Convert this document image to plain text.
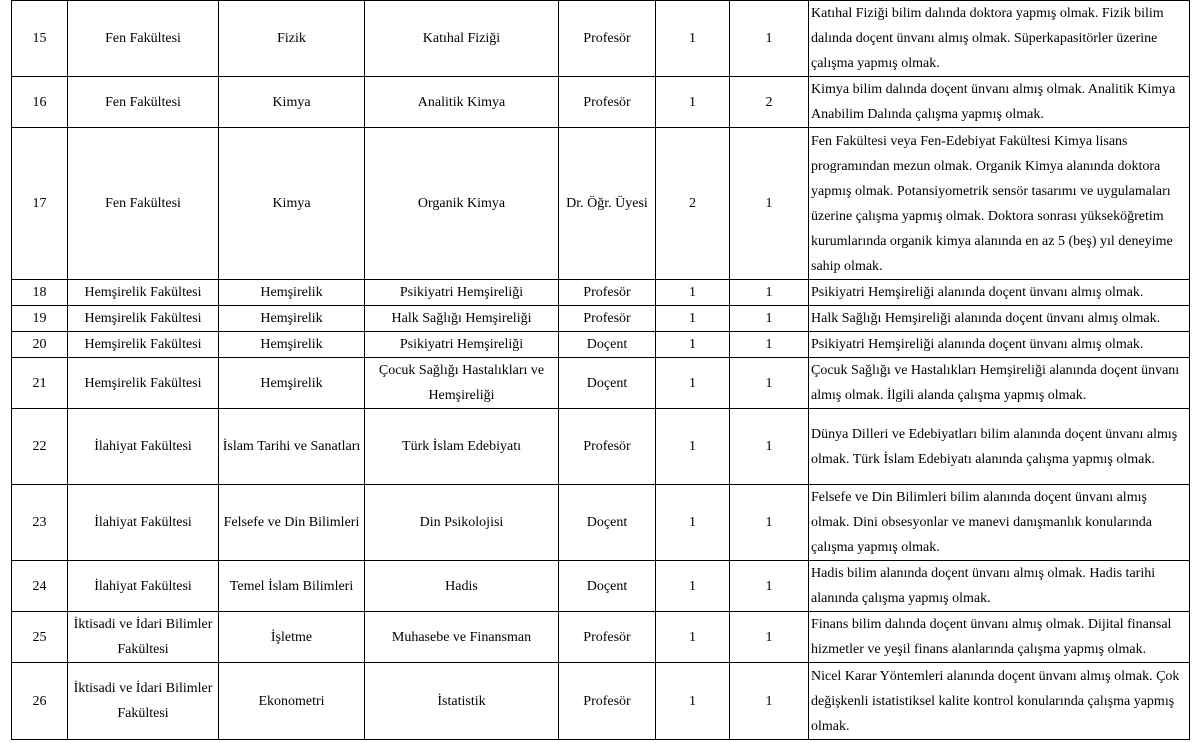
15	Fen Fakültesi	Fizik	Katıhal Fiziği	Profesör	1	1	Katıhal Fiziği bilim dalında doktora yapmış olmak. Fizik bilim dalında doçent ünvanı almış olmak. Süperkapasitörler üzerine çalışma yapmış olmak.
16	Fen Fakültesi	Kimya	Analitik Kimya	Profesör	1	2	Kimya bilim dalında doçent ünvanı almış olmak. Analitik Kimya Anabilim Dalında çalışma yapmış olmak.
17	Fen Fakültesi	Kimya	Organik Kimya	Dr. Öğr. Üyesi	2	1	Fen Fakültesi veya Fen-Edebiyat Fakültesi Kimya lisans programından mezun olmak. Organik Kimya alanında doktora yapmış olmak. Potansiyometrik sensör tasarımı ve uygulamaları üzerine çalışma yapmış olmak. Doktora sonrası yükseköğretim kurumlarında organik kimya alanında en az 5 (beş) yıl deneyime sahip olmak.
18	Hemşirelik Fakültesi	Hemşirelik	Psikiyatri Hemşireliği	Profesör	1	1	Psikiyatri Hemşireliği alanında doçent ünvanı almış olmak.
19	Hemşirelik Fakültesi	Hemşirelik	Halk Sağlığı Hemşireliği	Profesör	1	1	Halk Sağlığı Hemşireliği alanında doçent ünvanı almış olmak.
20	Hemşirelik Fakültesi	Hemşirelik	Psikiyatri Hemşireliği	Doçent	1	1	Psikiyatri Hemşireliği alanında doçent ünvanı almış olmak.
21	Hemşirelik Fakültesi	Hemşirelik	Çocuk Sağlığı Hastalıkları ve Hemşireliği	Doçent	1	1	Çocuk Sağlığı ve Hastalıkları Hemşireliği alanında doçent ünvanı almış olmak. İlgili alanda çalışma yapmış olmak.
22	İlahiyat Fakültesi	İslam Tarihi ve Sanatları	Türk İslam Edebiyatı	Profesör	1	1	Dünya Dilleri ve Edebiyatları bilim alanında doçent ünvanı almış olmak. Türk İslam Edebiyatı alanında çalışma yapmış olmak.
23	İlahiyat Fakültesi	Felsefe ve Din Bilimleri	Din Psikolojisi	Doçent	1	1	Felsefe ve Din Bilimleri bilim alanında doçent ünvanı almış olmak. Dini obsesyonlar ve manevi danışmanlık konularında çalışma yapmış olmak.
24	İlahiyat Fakültesi	Temel İslam Bilimleri	Hadis	Doçent	1	1	Hadis bilim alanında doçent ünvanı almış olmak. Hadis tarihi alanında çalışma yapmış olmak.
25	İktisadi ve İdari Bilimler Fakültesi	İşletme	Muhasebe ve Finansman	Profesör	1	1	Finans bilim dalında doçent ünvanı almış olmak. Dijital finansal hizmetler ve yeşil finans alanlarında çalışma yapmış olmak.
26	İktisadi ve İdari Bilimler Fakültesi	Ekonometri	İstatistik	Profesör	1	1	Nicel Karar Yöntemleri alanında doçent ünvanı almış olmak. Çok değişkenli istatistiksel kalite kontrol konularında çalışma yapmış olmak.
